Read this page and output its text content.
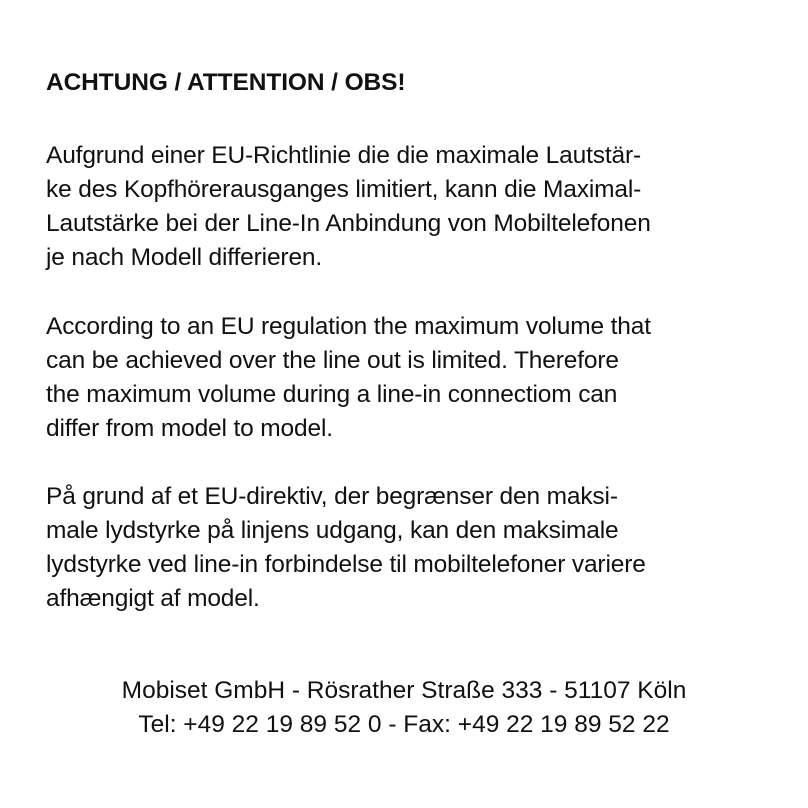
ACHTUNG / ATTENTION / OBS!
Aufgrund einer EU-Richtlinie die die maximale Lautstär-
ke des Kopfhörerausganges limitiert, kann die Maximal-
Lautstärke bei der Line-In Anbindung von Mobiltelefonen
je nach Modell differieren.
According to an EU regulation the maximum volume that
can be achieved over the line out is limited. Therefore
the maximum volume during a line-in connectiom can
differ from model to model.
På grund af et EU-direktiv, der begrænser den maksi-
male lydstyrke på linjens udgang, kan den maksimale
lydstyrke ved line-in forbindelse til mobiltelefoner variere
afhængigt af model.
Mobiset GmbH - Rösrather Straße 333 - 51107 Köln
Tel: +49 22 19 89 52 0 - Fax: +49 22 19 89 52 22
